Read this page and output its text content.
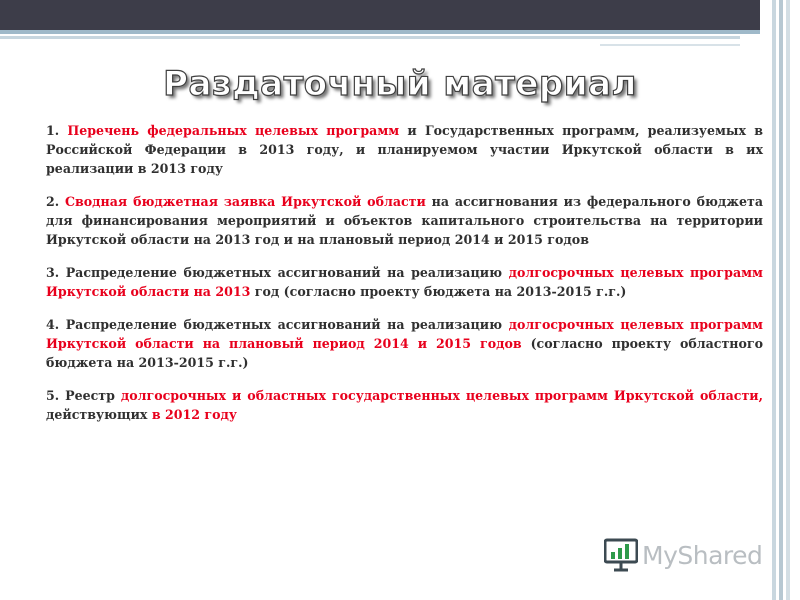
Раздаточный материал

1. Перечень федеральных целевых программ и Государственных программ, реализуемых в Российской Федерации в 2013 году, и планируемом участии Иркутской области в их реализации в 2013 году

2. Сводная бюджетная заявка Иркутской области на ассигнования из федерального бюджета для финансирования мероприятий и объектов капитального строительства на территории Иркутской области на 2013 год и на плановый период 2014 и 2015 годов

3. Распределение бюджетных ассигнований на реализацию долгосрочных целевых программ Иркутской области на 2013 год (согласно проекту бюджета на 2013-2015 г.г.)

4. Распределение бюджетных ассигнований на реализацию долгосрочных целевых программ Иркутской области на плановый период 2014 и 2015 годов (согласно проекту областного бюджета на 2013-2015 г.г.)

5. Реестр долгосрочных и областных государственных целевых программ Иркутской области, действующих в 2012 году

MyShared
